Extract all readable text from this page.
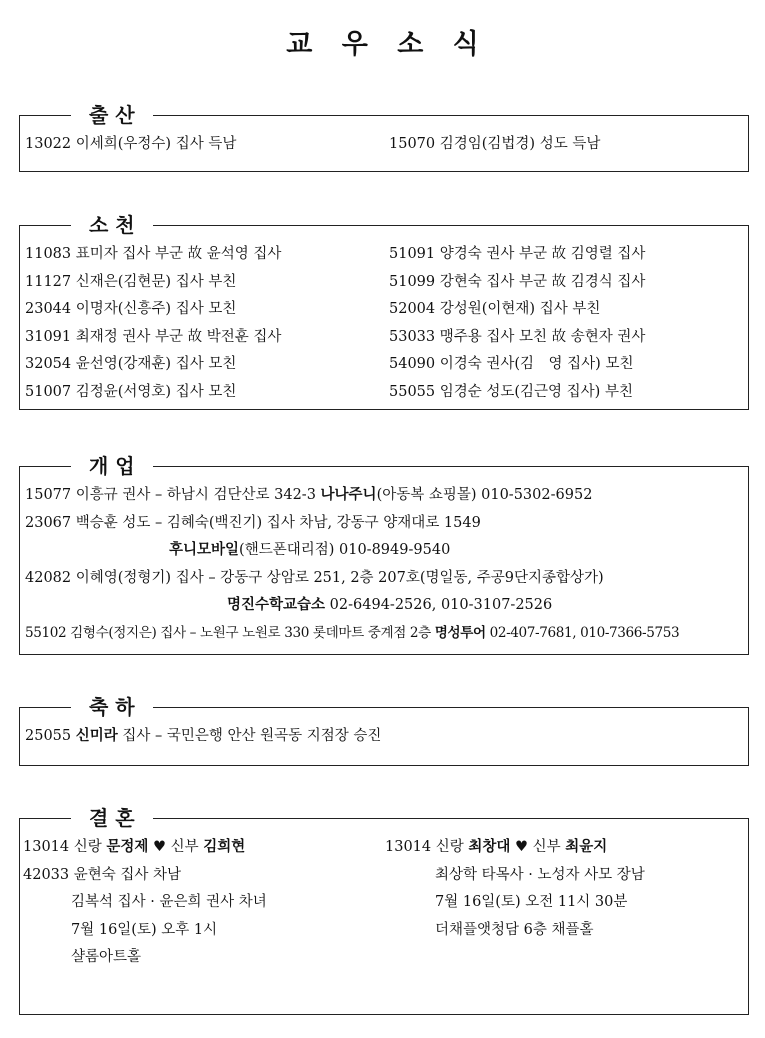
교 우 소 식
출 산
13022 이세희(우정수) 집사 득남	15070 김경임(김법경) 성도 득남
소 천
11083 표미자 집사 부군 故 윤석영 집사	51091 양경숙 권사 부군 故 김영렬 집사
11127 신재은(김현문) 집사 부친	51099 강현숙 집사 부군 故 김경식 집사
23044 이명자(신흥주) 집사 모친	52004 강성원(이현재) 집사 부친
31091 최재정 권사 부군 故 박전훈 집사	53033 맹주용 집사 모친 故 송현자 권사
32054 윤선영(강재훈) 집사 모친	54090 이경숙 권사(김　영 집사) 모친
51007 김정윤(서영호) 집사 모친	55055 임경순 성도(김근영 집사) 부친
개 업
15077 이흥규 권사 – 하남시 검단산로 342-3 나나주니(아동복 쇼핑몰) 010-5302-6952
23067 백승훈 성도 – 김혜숙(백진기) 집사 차남, 강동구 양재대로 1549
후니모바일(핸드폰대리점) 010-8949-9540
42082 이혜영(정형기) 집사 – 강동구 상암로 251, 2층 207호(명일동, 주공9단지종합상가)
명진수학교습소 02-6494-2526, 010-3107-2526
55102 김형수(정지은) 집사 – 노원구 노원로 330 롯데마트 중계점 2층 명성투어 02-407-7681, 010-7366-5753
축 하
25055 신미라 집사 – 국민은행 안산 원곡동 지점장 승진
결 혼
13014 신랑 문정제 ♥ 신부 김희현	13014 신랑 최창대 ♥ 신부 최윤지
42033 윤현숙 집사 차남	최상학 타목사 · 노성자 사모 장남
김복석 집사 · 윤은희 권사 차녀	7월 16일(토) 오전 11시 30분
7월 16일(토) 오후 1시	더채플앳청담 6층 채플홀
샬롬아트홀
